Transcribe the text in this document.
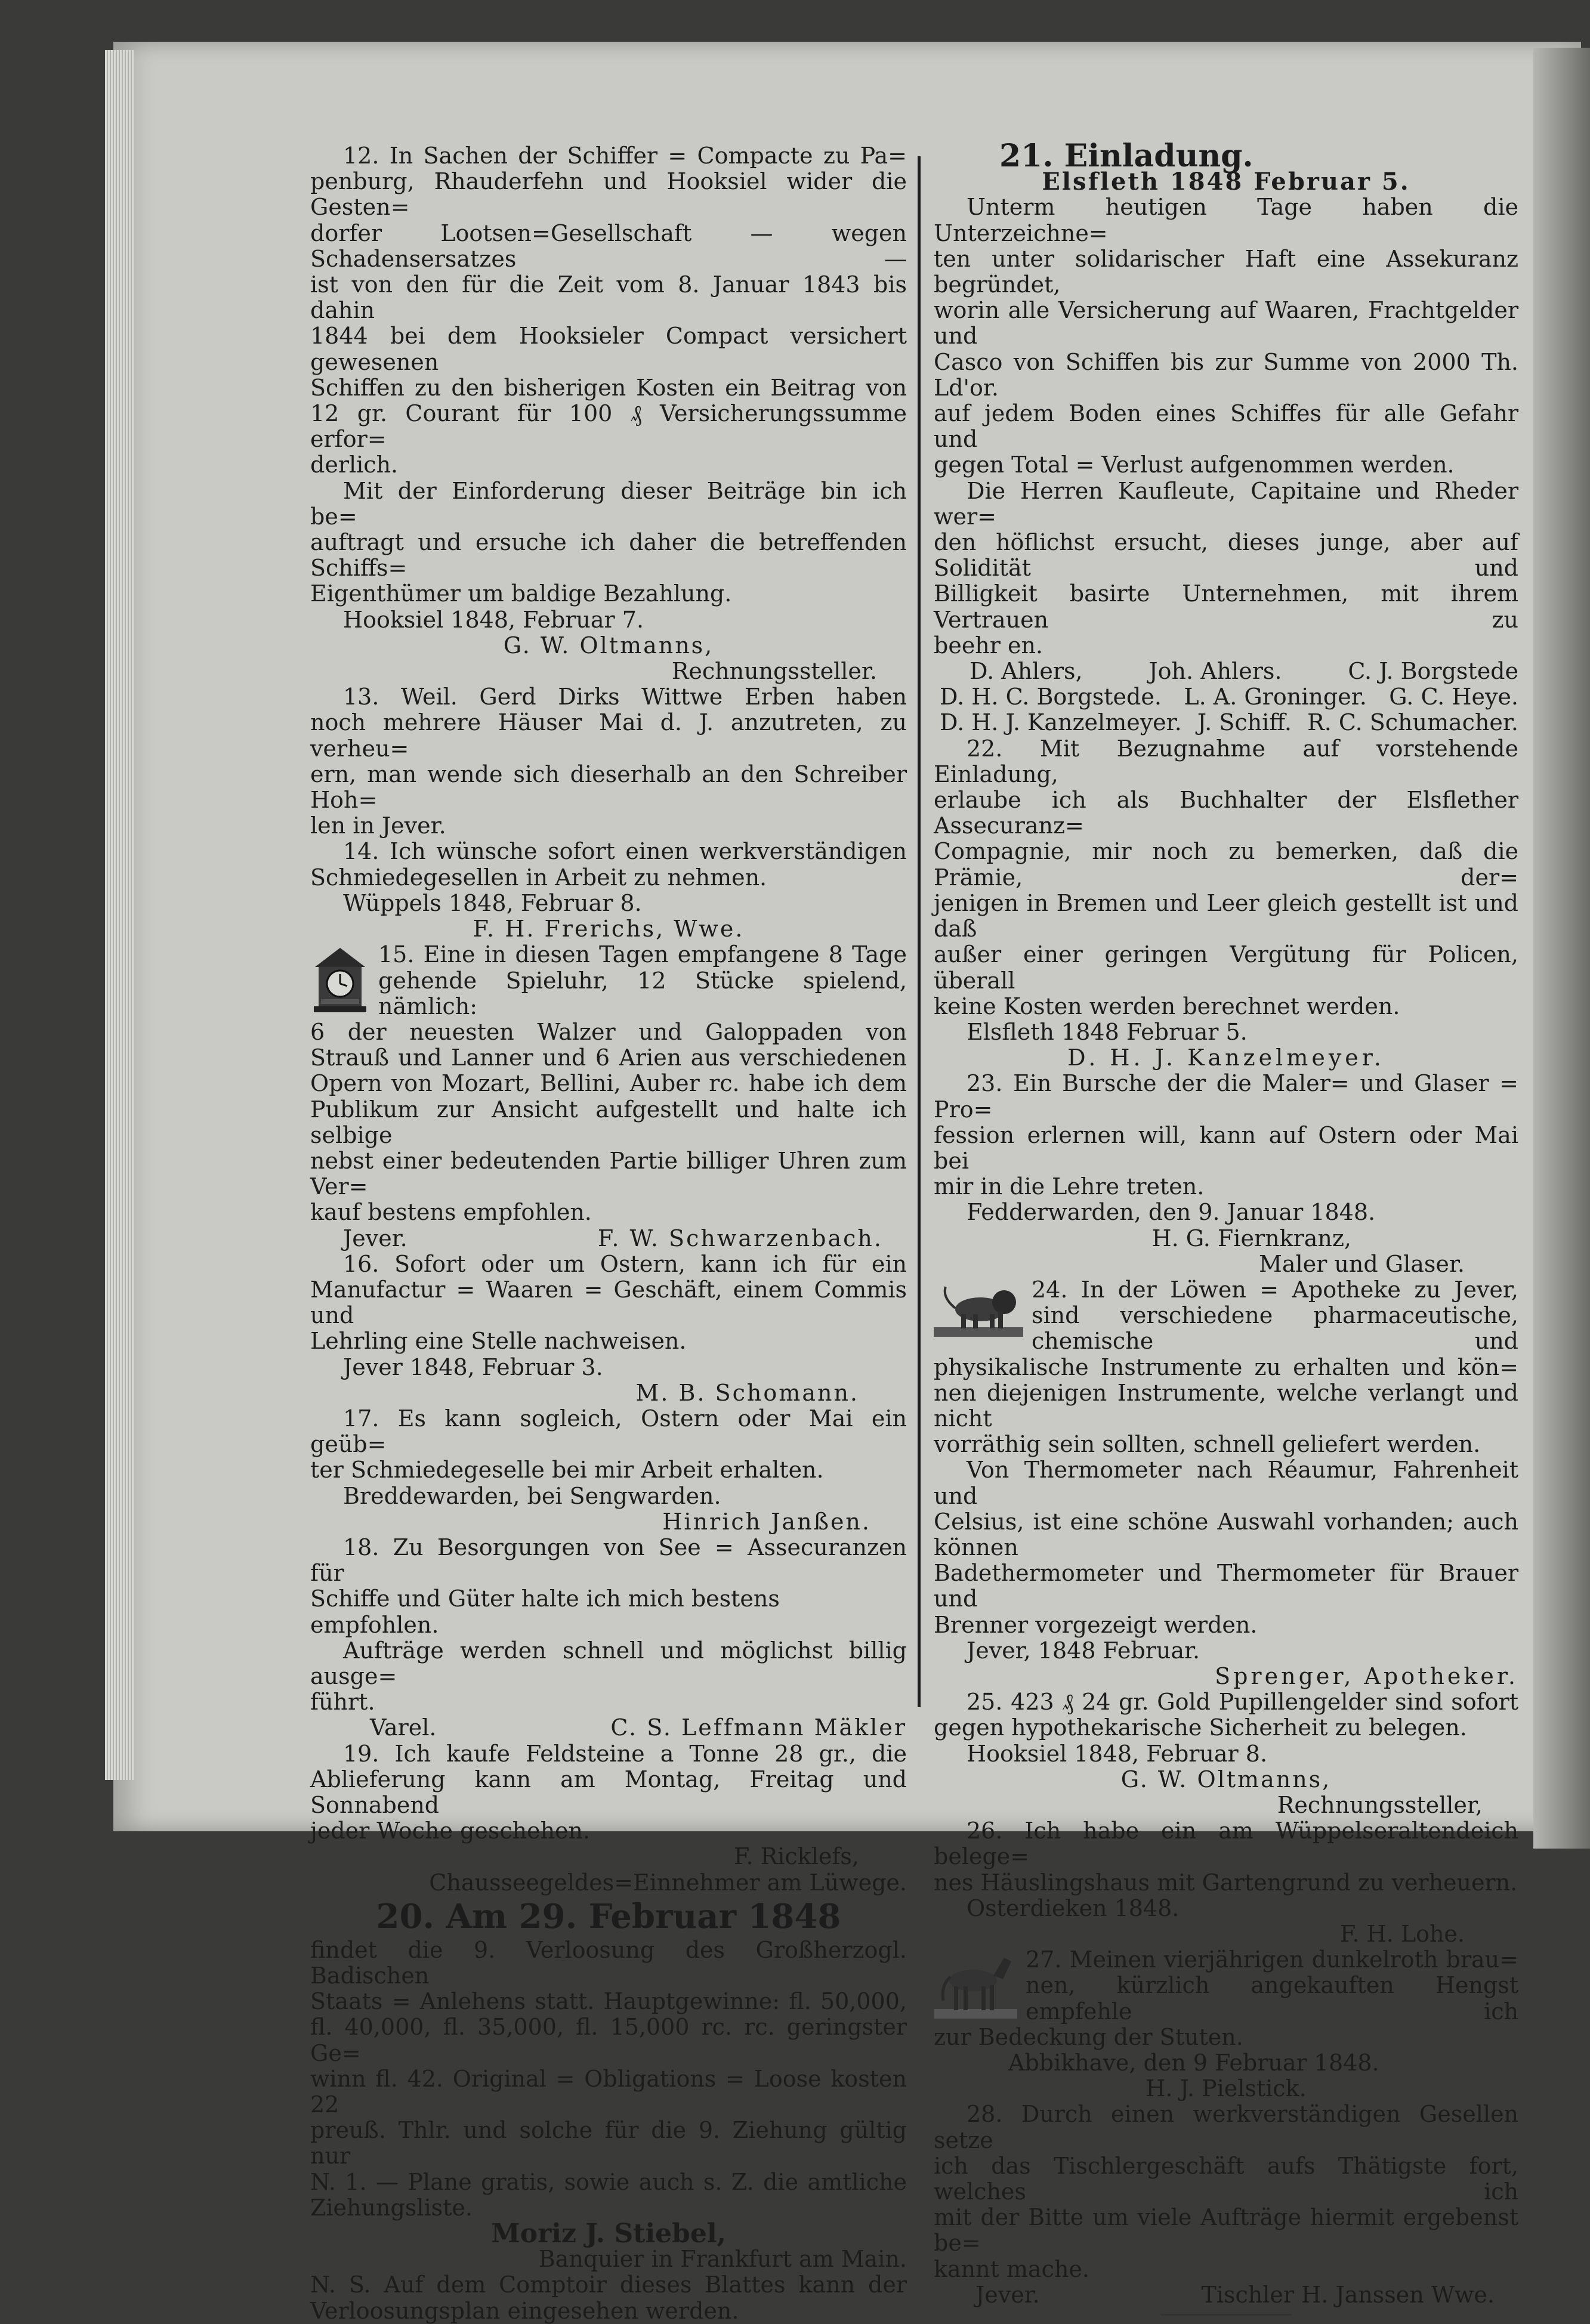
12. In Sachen der Schiffer = Compacte zu Pa=

penburg, Rhauderfehn und Hooksiel wider die Gesten=

dorfer Lootsen=Gesellschaft — wegen Schadensersatzes —

ist von den für die Zeit vom 8. Januar 1843 bis dahin

1844 bei dem Hooksieler Compact versichert gewesenen

Schiffen zu den bisherigen Kosten ein Beitrag von

12 gr. Courant für 100 ₰ Versicherungssumme erfor=

derlich.

Mit der Einforderung dieser Beiträge bin ich be=

auftragt und ersuche ich daher die betreffenden Schiffs=

Eigenthümer um baldige Bezahlung.

Hooksiel 1848, Februar 7.

G. W. Oltmanns,

Rechnungssteller.

13. Weil. Gerd Dirks Wittwe Erben haben

noch mehrere Häuser Mai d. J. anzutreten, zu verheu=

ern, man wende sich dieserhalb an den Schreiber Hoh=

len in Jever.

14. Ich wünsche sofort einen werkverständigen

Schmiedegesellen in Arbeit zu nehmen.

Wüppels 1848, Februar 8.

F. H. Frerichs, Wwe.

15. Eine in diesen Tagen empfangene 8 Tage

gehende Spieluhr, 12 Stücke spielend, nämlich:

6 der neuesten Walzer und Galoppaden von

Strauß und Lanner und 6 Arien aus verschiedenen

Opern von Mozart, Bellini, Auber rc. habe ich dem

Publikum zur Ansicht aufgestellt und halte ich selbige

nebst einer bedeutenden Partie billiger Uhren zum Ver=

kauf bestens empfohlen.

Jever.	F. W. Schwarzenbach.

16. Sofort oder um Ostern, kann ich für ein

Manufactur = Waaren = Geschäft, einem Commis und

Lehrling eine Stelle nachweisen.

Jever 1848, Februar 3.

M. B. Schomann.

17. Es kann sogleich, Ostern oder Mai ein geüb=

ter Schmiedegeselle bei mir Arbeit erhalten.

Breddewarden, bei Sengwarden.

Hinrich Janßen.

18. Zu Besorgungen von See = Assecuranzen für

Schiffe und Güter halte ich mich bestens empfohlen.

Aufträge werden schnell und möglichst billig ausge=

führt.

Varel.	C. S. Leffmann Mäkler

19. Ich kaufe Feldsteine a Tonne 28 gr., die

Ablieferung kann am Montag, Freitag und Sonnabend

jeder Woche geschehen.

F. Ricklefs,

Chausseegeldes=Einnehmer am Lüwege.

20. Am 29. Februar 1848

findet die 9. Verloosung des Großherzogl. Badischen

Staats = Anlehens statt. Hauptgewinne: fl. 50,000,

fl. 40,000, fl. 35,000, fl. 15,000 rc. rc. geringster Ge=

winn fl. 42. Original = Obligations = Loose kosten 22

preuß. Thlr. und solche für die 9. Ziehung gültig nur

N. 1. — Plane gratis, sowie auch s. Z. die amtliche

Ziehungsliste.

Moriz J. Stiebel,

Banquier in Frankfurt am Main.

N. S. Auf dem Comptoir dieses Blattes kann der

Verloosungsplan eingesehen werden.

21. Einladung.

Elsfleth 1848 Februar 5.

Unterm heutigen Tage haben die Unterzeichne=

ten unter solidarischer Haft eine Assekuranz begründet,

worin alle Versicherung auf Waaren, Frachtgelder und

Casco von Schiffen bis zur Summe von 2000 Th. Ld'or.

auf jedem Boden eines Schiffes für alle Gefahr und

gegen Total = Verlust aufgenommen werden.

Die Herren Kaufleute, Capitaine und Rheder wer=

den höflichst ersucht, dieses junge, aber auf Solidität und

Billigkeit basirte Unternehmen, mit ihrem Vertrauen zu

beehr en.

D. Ahlers,	Joh. Ahlers.	C. J. Borgstede
D. H. C. Borgstede. L. A. Groninger. G. C. Heye.
D. H. J. Kanzelmeyer. J. Schiff. R. C. Schumacher.

22. Mit Bezugnahme auf vorstehende Einladung,

erlaube ich als Buchhalter der Elsflether Assecuranz=

Compagnie, mir noch zu bemerken, daß die Prämie, der=

jenigen in Bremen und Leer gleich gestellt ist und daß

außer einer geringen Vergütung für Policen, überall

keine Kosten werden berechnet werden.

Elsfleth 1848 Februar 5.

D. H. J. Kanzelmeyer.

23. Ein Bursche der die Maler= und Glaser = Pro=

fession erlernen will, kann auf Ostern oder Mai bei

mir in die Lehre treten.

Fedderwarden, den 9. Januar 1848.

H. G. Fiernkranz,

Maler und Glaser.

24. In der Löwen = Apotheke zu Jever,

sind verschiedene pharmaceutische, chemische und

physikalische Instrumente zu erhalten und kön=

nen diejenigen Instrumente, welche verlangt und nicht

vorräthig sein sollten, schnell geliefert werden.

Von Thermometer nach Réaumur, Fahrenheit und

Celsius, ist eine schöne Auswahl vorhanden; auch können

Badethermometer und Thermometer für Brauer und

Brenner vorgezeigt werden.

Jever, 1848 Februar.

Sprenger, Apotheker.

25. 423 ₰ 24 gr. Gold Pupillengelder sind sofort

gegen hypothekarische Sicherheit zu belegen.

Hooksiel 1848, Februar 8.

G. W. Oltmanns,

Rechnungssteller,

26. Ich habe ein am Wüppelseraltendeich belege=

nes Häuslingshaus mit Gartengrund zu verheuern.

Osterdieken 1848.

F. H. Lohe.

27. Meinen vierjährigen dunkelroth brau=

nen, kürzlich angekauften Hengst empfehle ich

zur Bedeckung der Stuten.

Abbikhave, den 9 Februar 1848.

H. J. Pielstick.

28. Durch einen werkverständigen Gesellen setze

ich das Tischlergeschäft aufs Thätigste fort, welches ich

mit der Bitte um viele Aufträge hiermit ergebenst be=

kannt mache.

Jever.	Tischler H. Janssen Wwe.
